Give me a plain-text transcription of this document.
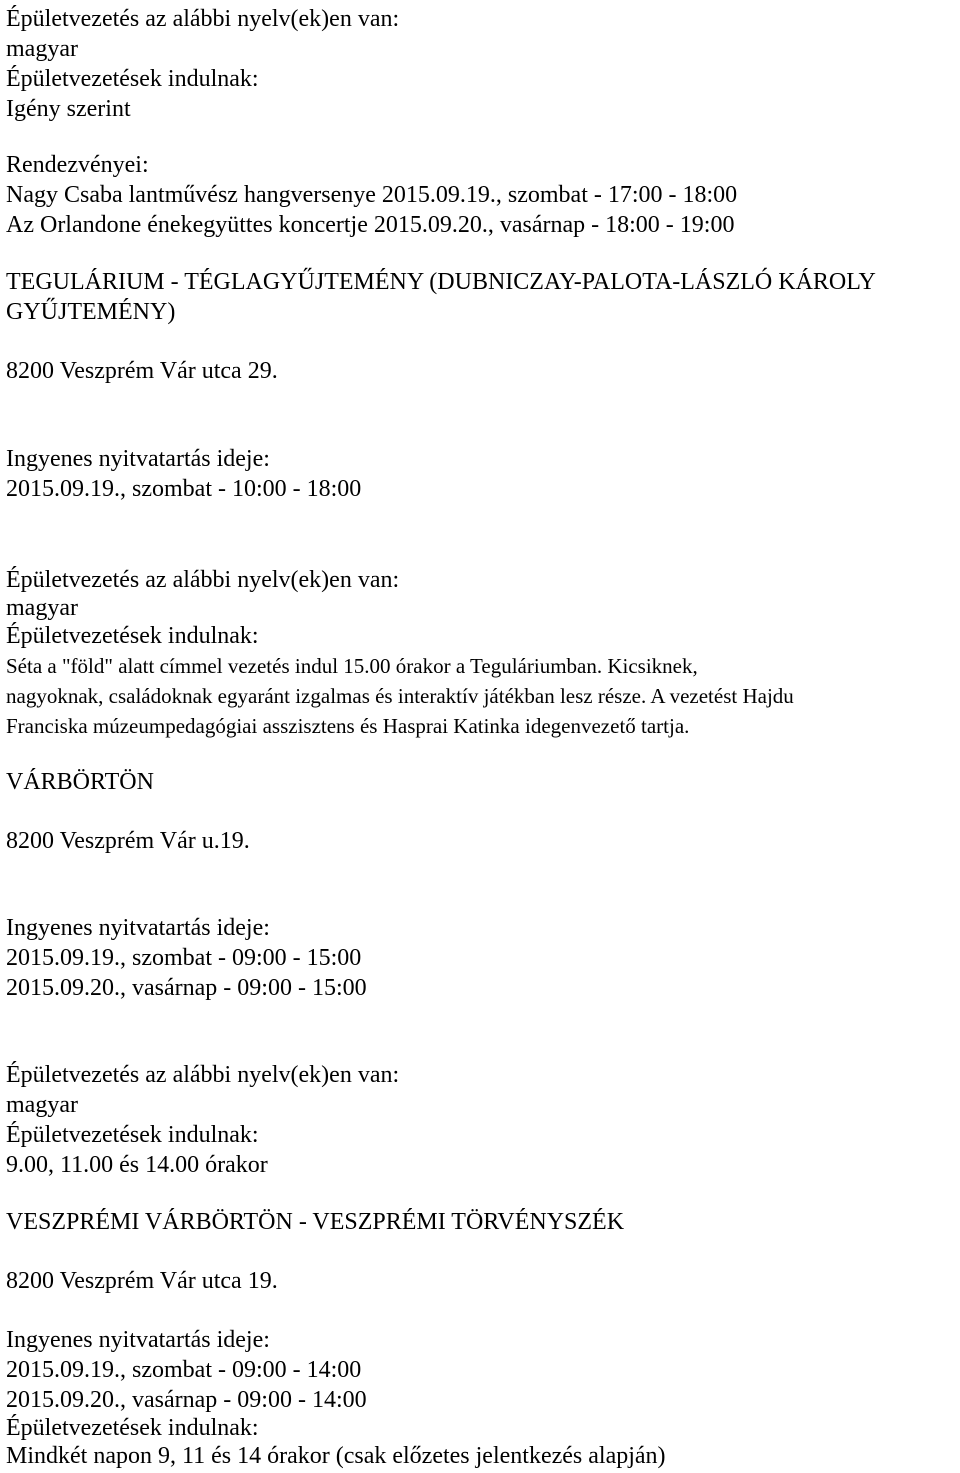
Épületvezetés az alábbi nyelv(ek)en van:
magyar
Épületvezetések indulnak:
Igény szerint
Rendezvényei:
Nagy Csaba lantművész hangversenye 2015.09.19., szombat - 17:00 - 18:00
Az Orlandone énekegyüttes koncertje 2015.09.20., vasárnap - 18:00 - 19:00
TEGULÁRIUM - TÉGLAGYŰJTEMÉNY (DUBNICZAY-PALOTA-LÁSZLÓ KÁROLY
GYŰJTEMÉNY)
8200 Veszprém Vár utca 29.
Ingyenes nyitvatartás ideje:
2015.09.19., szombat - 10:00 - 18:00
Épületvezetés az alábbi nyelv(ek)en van:
magyar
Épületvezetések indulnak:
Séta a "föld" alatt címmel vezetés indul 15.00 órakor a Teguláriumban. Kicsiknek,
nagyoknak, családoknak egyaránt izgalmas és interaktív játékban lesz része. A vezetést Hajdu
Franciska múzeumpedagógiai asszisztens és Hasprai Katinka idegenvezető tartja.
VÁRBÖRTÖN
8200 Veszprém Vár u.19.
Ingyenes nyitvatartás ideje:
2015.09.19., szombat - 09:00 - 15:00
2015.09.20., vasárnap - 09:00 - 15:00
Épületvezetés az alábbi nyelv(ek)en van:
magyar
Épületvezetések indulnak:
9.00, 11.00 és 14.00 órakor
VESZPRÉMI VÁRBÖRTÖN - VESZPRÉMI TÖRVÉNYSZÉK
8200 Veszprém Vár utca 19.
Ingyenes nyitvatartás ideje:
2015.09.19., szombat - 09:00 - 14:00
2015.09.20., vasárnap - 09:00 - 14:00
Épületvezetések indulnak:
Mindkét napon 9, 11 és 14 órakor (csak előzetes jelentkezés alapján)
